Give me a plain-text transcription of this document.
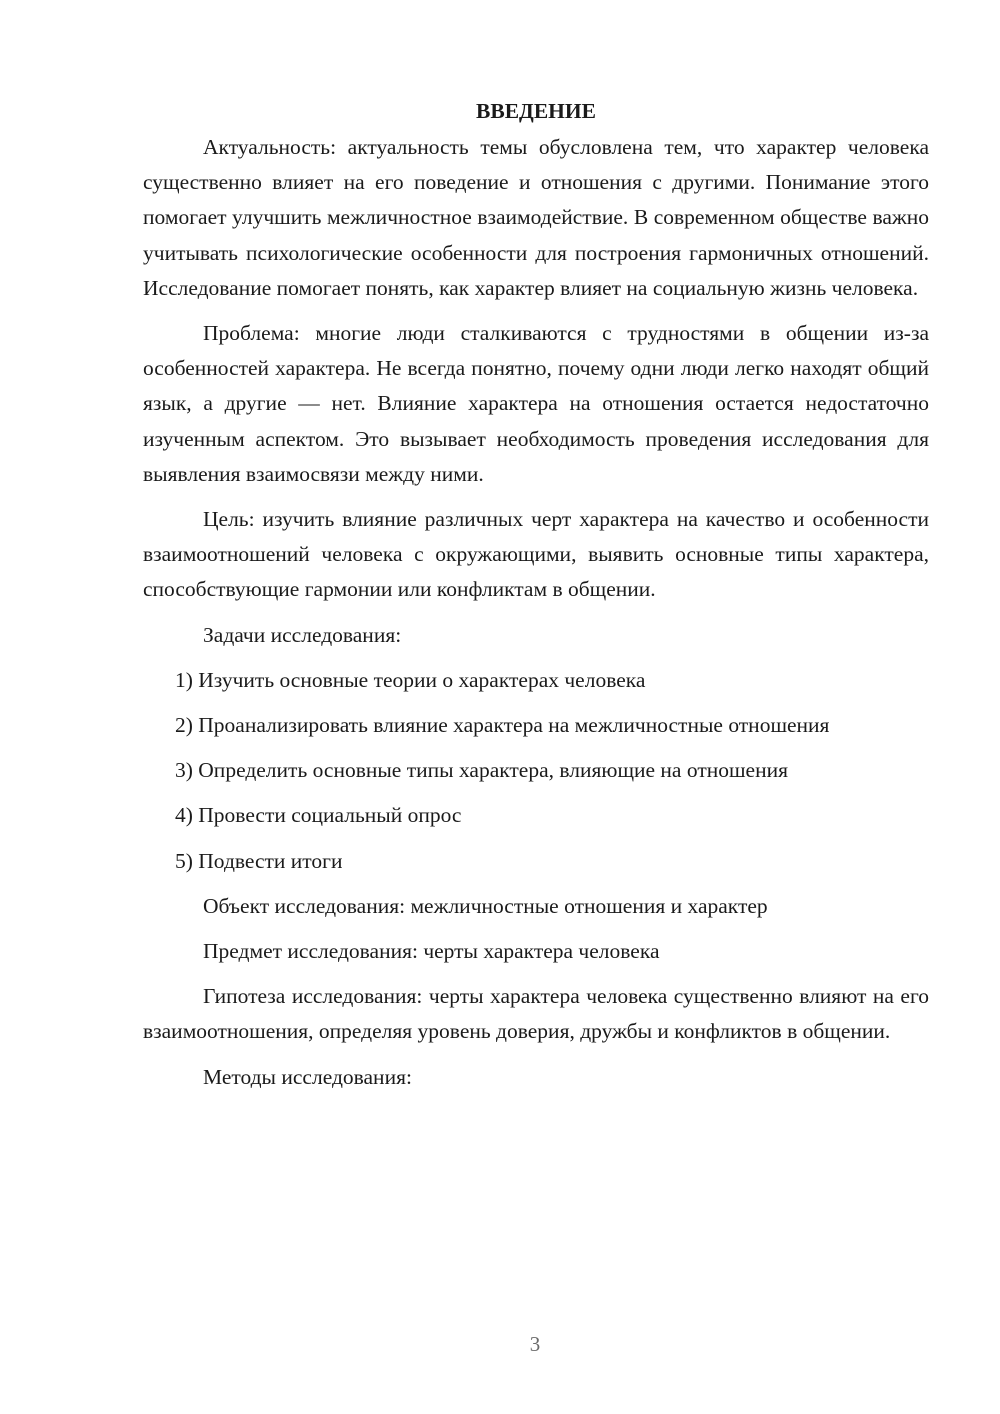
ВВЕДЕНИЕ

Актуальность: актуальность темы обусловлена тем, что характер человека существенно влияет на его поведение и отношения с другими. Понимание этого помогает улучшить межличностное взаимодействие. В современном обществе важно учитывать психологические особенности для построения гармоничных отношений. Исследование помогает понять, как характер влияет на социальную жизнь человека.

Проблема: многие люди сталкиваются с трудностями в общении из-за особенностей характера. Не всегда понятно, почему одни люди легко находят общий язык, а другие — нет. Влияние характера на отношения остается недостаточно изученным аспектом. Это вызывает необходимость проведения исследования для выявления взаимосвязи между ними.

Цель: изучить влияние различных черт характера на качество и особенности взаимоотношений человека с окружающими, выявить основные типы характера, способствующие гармонии или конфликтам в общении.

Задачи исследования:

1) Изучить основные теории о характерах человека

2) Проанализировать влияние характера на межличностные отношения

3) Определить основные типы характера, влияющие на отношения

4) Провести социальный опрос

5) Подвести итоги

Объект исследования: межличностные отношения и характер

Предмет исследования: черты характера человека

Гипотеза исследования: черты характера человека существенно влияют на его взаимоотношения, определяя уровень доверия, дружбы и конфликтов в общении.

Методы исследования:

3
